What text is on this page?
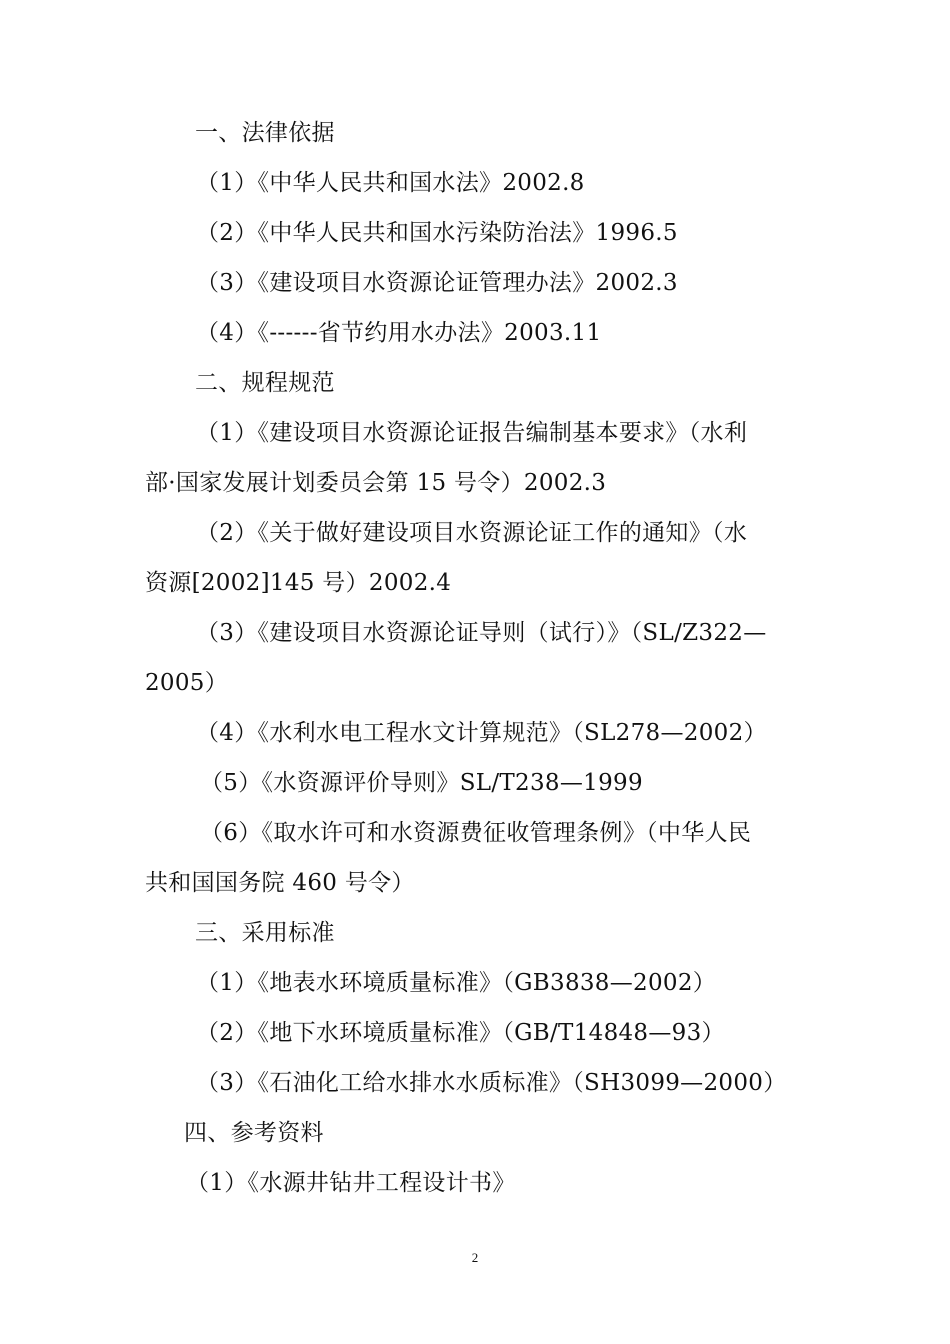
一、法律依据
（1）《中华人民共和国水法》2002.8
（2）《中华人民共和国水污染防治法》1996.5
（3）《建设项目水资源论证管理办法》2002.3
（4）《------省节约用水办法》2003.11
二、规程规范
（1）《建设项目水资源论证报告编制基本要求》（水利
部·国家发展计划委员会第 15 号令）2002.3
（2）《关于做好建设项目水资源论证工作的通知》（水
资源[2002]145 号）2002.4
（3）《建设项目水资源论证导则（试行）》（SL/Z322—
2005）
（4）《水利水电工程水文计算规范》（SL278—2002）
（5）《水资源评价导则》SL/T238—1999
（6）《取水许可和水资源费征收管理条例》（中华人民
共和国国务院 460 号令）
三、采用标准
（1）《地表水环境质量标准》（GB3838—2002）
（2）《地下水环境质量标准》（GB/T14848—93）
（3）《石油化工给水排水水质标准》（SH3099—2000）
四、参考资料
（1）《水源井钻井工程设计书》
2
